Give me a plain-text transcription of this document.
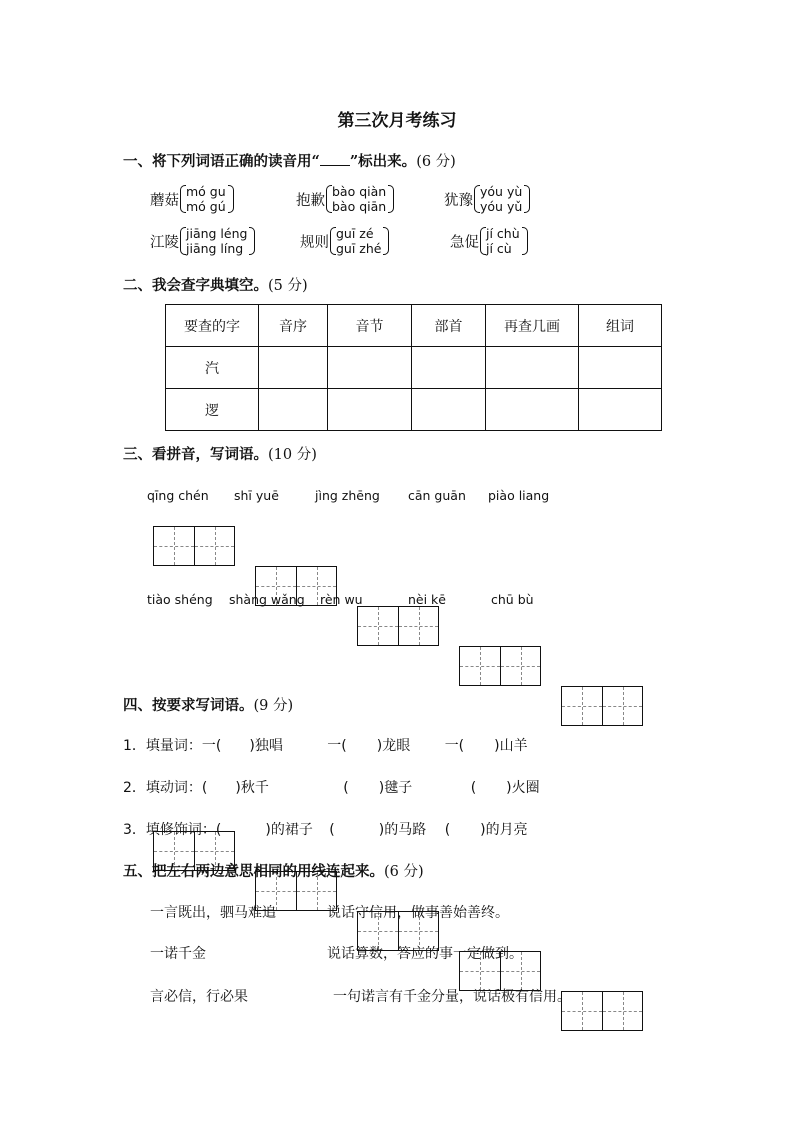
第三次月考练习
一、将下列词语正确的读音用“ ”标出来。(6 分)
蘑菇
mó gu
mó gú	抱歉
bào qiàn
bào qiān	犹豫
yóu yù
yóu yǔ
江陵
jiāng léng
jiāng líng	规则
guī zé
guī zhé	急促
jí chù
jí cù
二、我会查字典填空。(5 分)
要查的字	音序	音节	部首	再查几画	组词
汽					
逻					
三、看拼音，写词语。(10 分)
qīng chén shī yuē	jìng zhēng cān guān piào liang
tiào shéng shàng wǎng rèn wu	nèi kē	chū bù
四、按要求写词语。(9 分)
1．填量词：一( )独唱	一( )龙眼 一( )山羊
2．填动词：( )秋千	( )毽子	( )火圈
3．填修饰词：(	)的裙子 (	)的马路 ( )的月亮
五、把左右两边意思相同的用线连起来。(6 分)
一言既出，驷马难追	说话守信用，做事善始善终。
一诺千金	说话算数，答应的事一定做到。
言必信，行必果	一句诺言有千金分量，说话极有信用。
